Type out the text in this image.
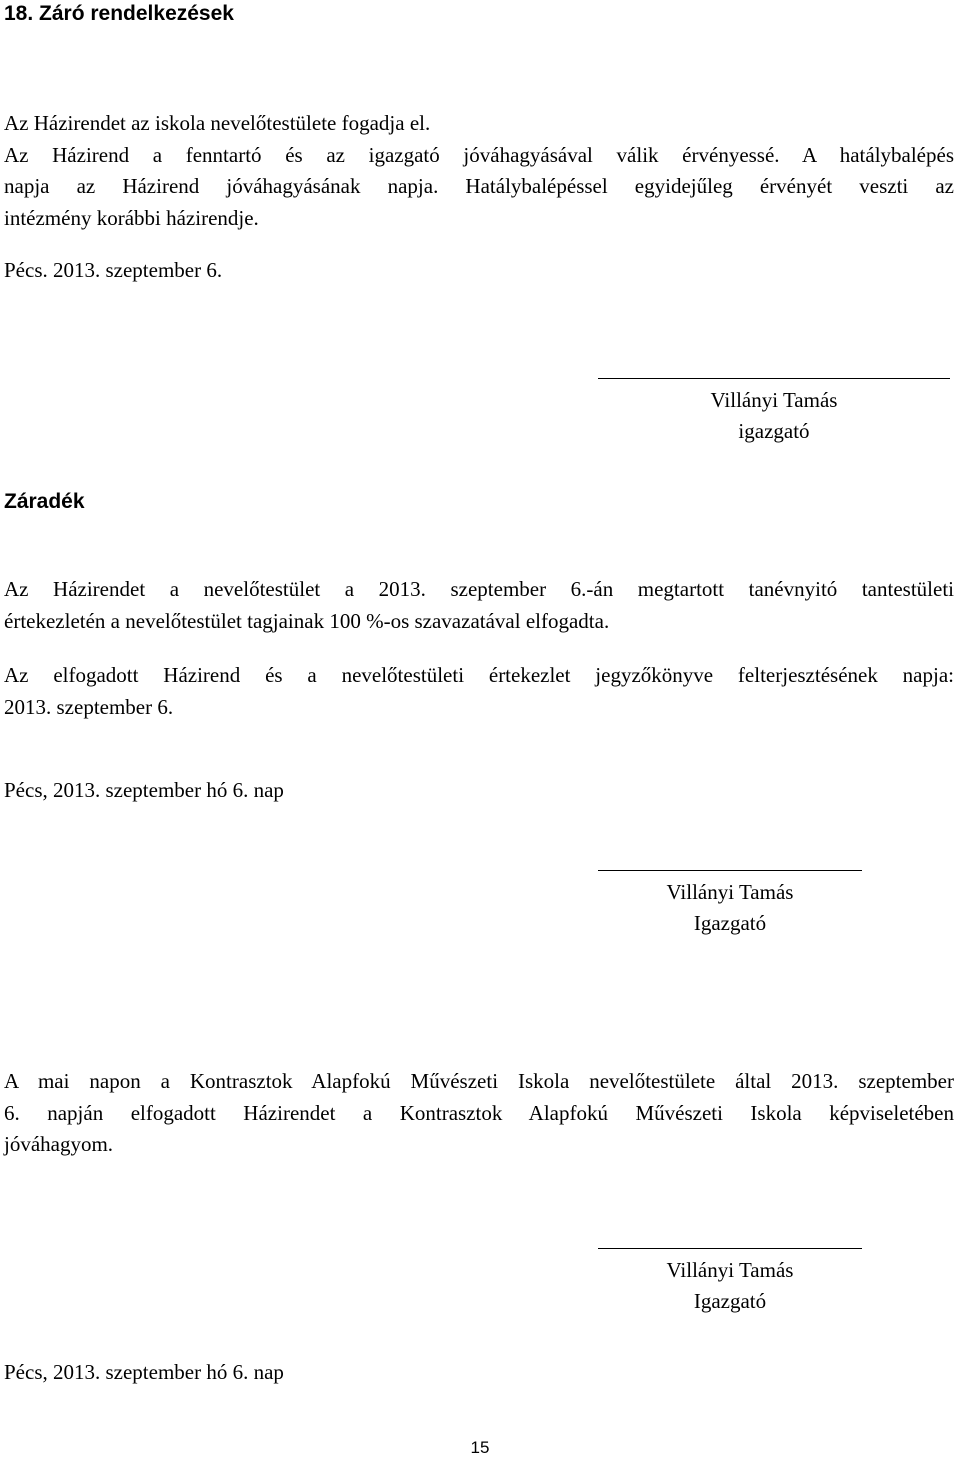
18. Záró rendelkezések
Az Házirendet az iskola nevelőtestülete fogadja el.
Az Házirend a fenntartó és az igazgató jóváhagyásával válik érvényessé. A hatálybalépés
napja az Házirend jóváhagyásának napja. Hatálybalépéssel egyidejűleg érvényét veszti az
intézmény korábbi házirendje.
Pécs. 2013. szeptember 6.
Villányi Tamás
igazgató
Záradék
Az Házirendet a nevelőtestület a 2013. szeptember 6.-án megtartott tanévnyitó tantestületi
értekezletén a nevelőtestület tagjainak 100 %-os szavazatával elfogadta.
Az elfogadott Házirend és a nevelőtestületi értekezlet jegyzőkönyve felterjesztésének napja:
2013. szeptember 6.
Pécs, 2013. szeptember hó 6. nap
Villányi Tamás
Igazgató
A mai napon a Kontrasztok Alapfokú Művészeti Iskola nevelőtestülete által 2013. szeptember
6. napján elfogadott Házirendet a Kontrasztok Alapfokú Művészeti Iskola képviseletében
jóváhagyom.
Villányi Tamás
Igazgató
Pécs, 2013. szeptember hó 6. nap
15
